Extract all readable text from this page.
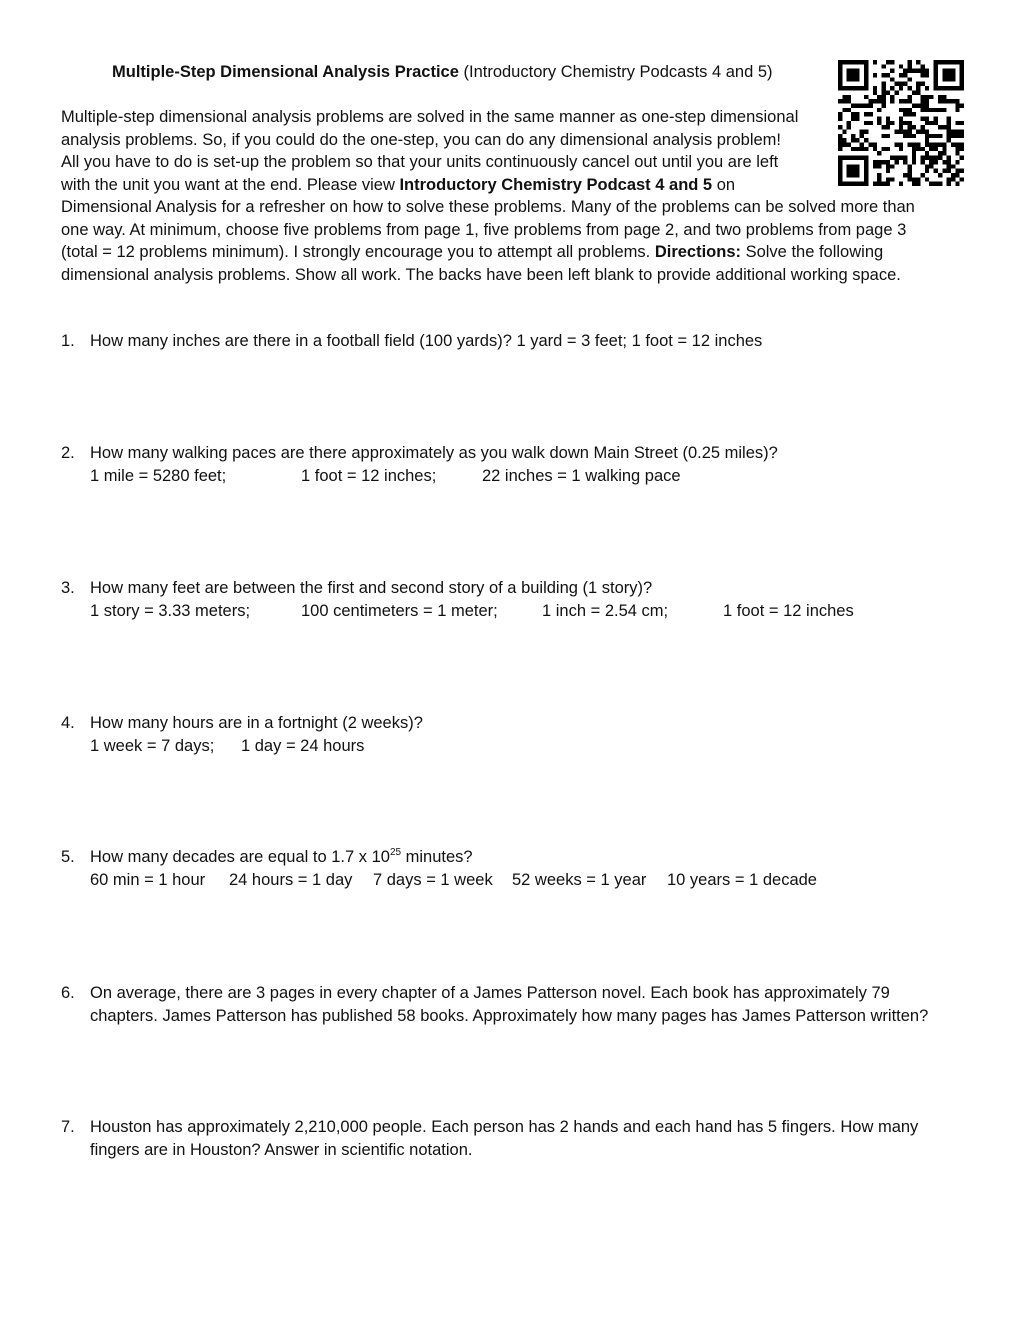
Multiple-Step Dimensional Analysis Practice (Introductory Chemistry Podcasts 4 and 5)
Multiple-step dimensional analysis problems are solved in the same manner as one-step dimensional
analysis problems. So, if you could do the one-step, you can do any dimensional analysis problem!
All you have to do is set-up the problem so that your units continuously cancel out until you are left
with the unit you want at the end. Please view Introductory Chemistry Podcast 4 and 5 on
Dimensional Analysis for a refresher on how to solve these problems. Many of the problems can be solved more than
one way. At minimum, choose five problems from page 1, five problems from page 2, and two problems from page 3
(total = 12 problems minimum). I strongly encourage you to attempt all problems. Directions: Solve the following
dimensional analysis problems. Show all work. The backs have been left blank to provide additional working space.
1. How many inches are there in a football field (100 yards)? 1 yard = 3 feet; 1 foot = 12 inches
2. How many walking paces are there approximately as you walk down Main Street (0.25 miles)?
1 mile = 5280 feet;	1 foot = 12 inches;	22 inches = 1 walking pace
3. How many feet are between the first and second story of a building (1 story)?
1 story = 3.33 meters;	100 centimeters = 1 meter;	1 inch = 2.54 cm;	1 foot = 12 inches
4. How many hours are in a fortnight (2 weeks)?
1 week = 7 days; 1 day = 24 hours
5. How many decades are equal to 1.7 x $10^{25}$ minutes?
60 min = 1 hour 24 hours = 1 day 7 days = 1 week 52 weeks = 1 year 10 years = 1 decade
6. On average, there are 3 pages in every chapter of a James Patterson novel. Each book has approximately 79
chapters. James Patterson has published 58 books. Approximately how many pages has James Patterson written?
7. Houston has approximately 2,210,000 people. Each person has 2 hands and each hand has 5 fingers. How many
fingers are in Houston? Answer in scientific notation.
